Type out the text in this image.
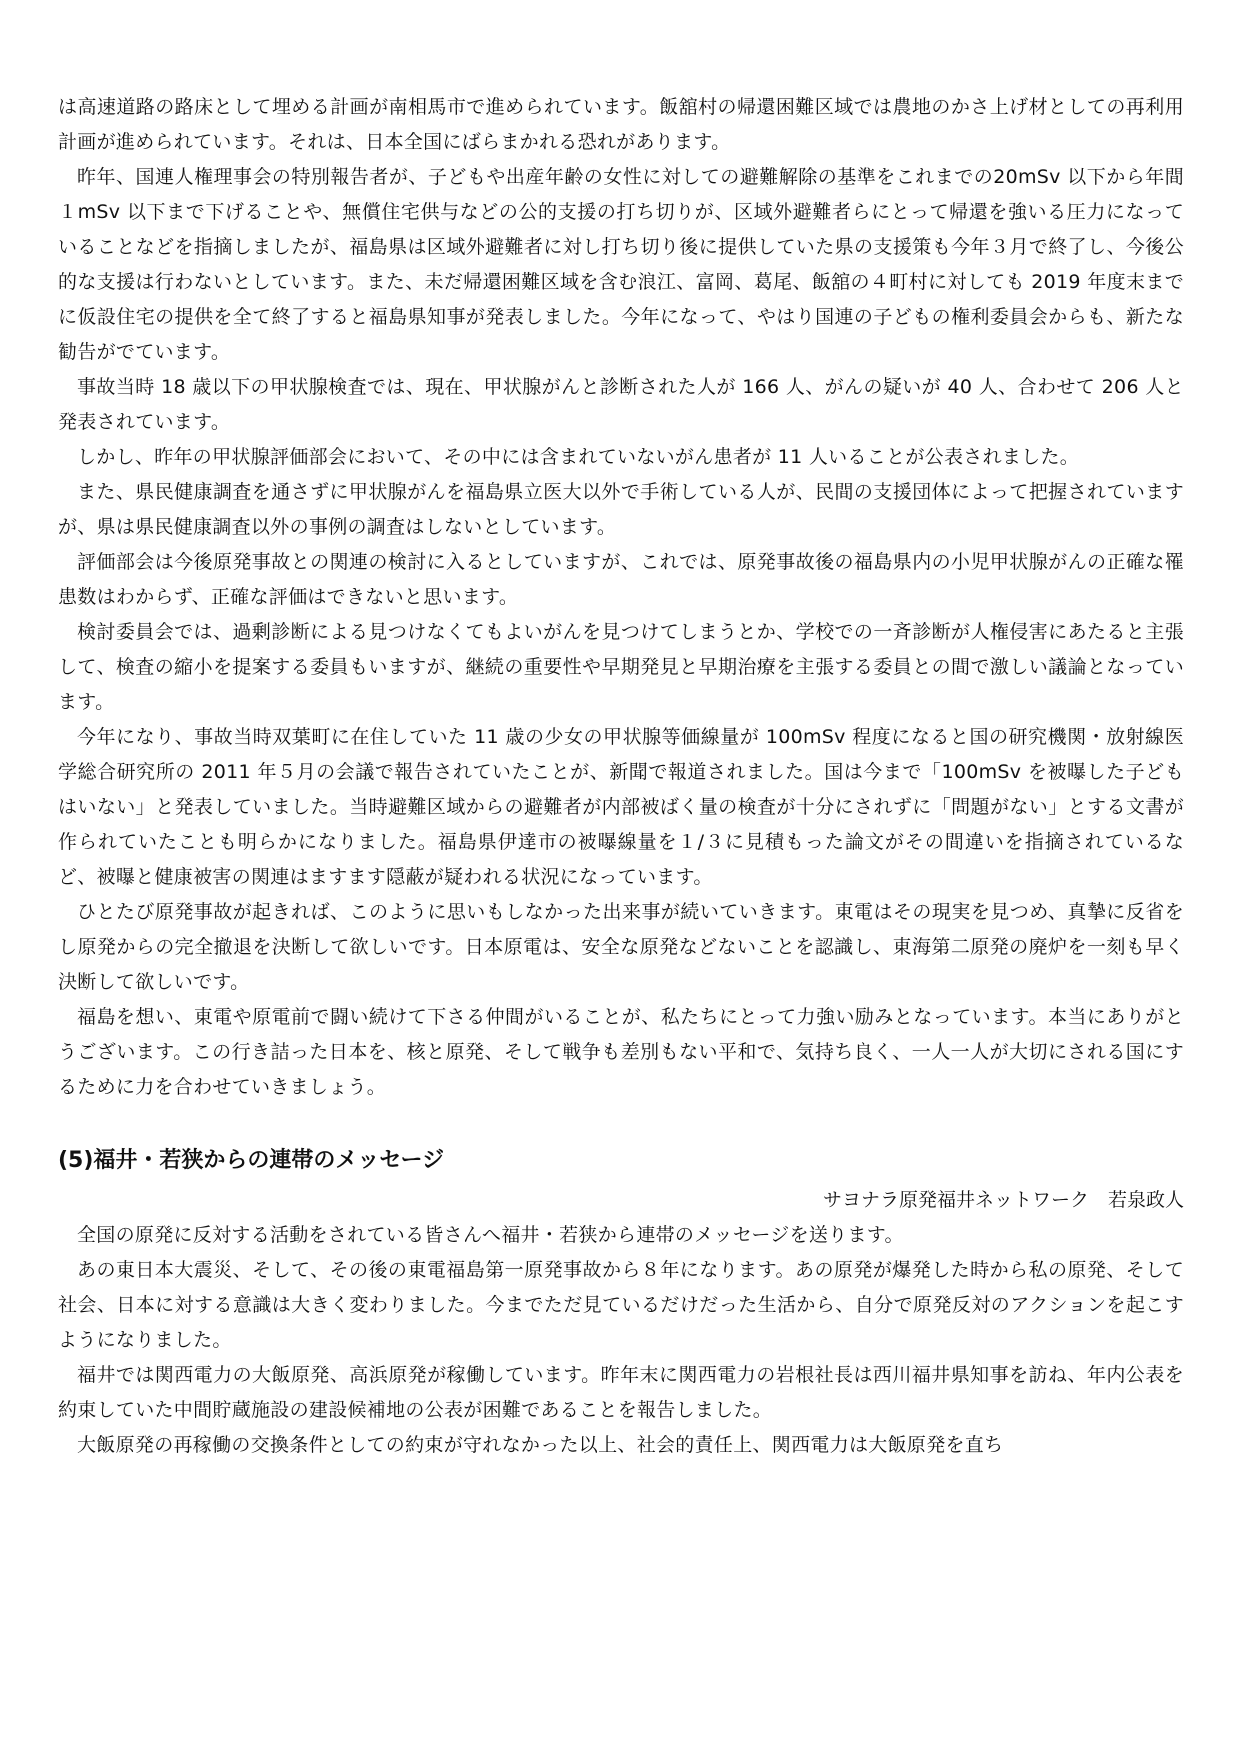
は高速道路の路床として埋める計画が南相馬市で進められています。飯舘村の帰還困難区域では農地のかさ上げ材としての再利用計画が進められています。それは、日本全国にばらまかれる恐れがあります。

昨年、国連人権理事会の特別報告者が、子どもや出産年齢の女性に対しての避難解除の基準をこれまでの20mSv 以下から年間１mSv 以下まで下げることや、無償住宅供与などの公的支援の打ち切りが、区域外避難者らにとって帰還を強いる圧力になっていることなどを指摘しましたが、福島県は区域外避難者に対し打ち切り後に提供していた県の支援策も今年３月で終了し、今後公的な支援は行わないとしています。また、未だ帰還困難区域を含む浪江、富岡、葛尾、飯舘の４町村に対しても 2019 年度末までに仮設住宅の提供を全て終了すると福島県知事が発表しました。今年になって、やはり国連の子どもの権利委員会からも、新たな勧告がでています。

事故当時 18 歳以下の甲状腺検査では、現在、甲状腺がんと診断された人が 166 人、がんの疑いが 40 人、合わせて 206 人と発表されています。

しかし、昨年の甲状腺評価部会において、その中には含まれていないがん患者が 11 人いることが公表されました。

また、県民健康調査を通さずに甲状腺がんを福島県立医大以外で手術している人が、民間の支援団体によって把握されていますが、県は県民健康調査以外の事例の調査はしないとしています。

評価部会は今後原発事故との関連の検討に入るとしていますが、これでは、原発事故後の福島県内の小児甲状腺がんの正確な罹患数はわからず、正確な評価はできないと思います。

検討委員会では、過剰診断による見つけなくてもよいがんを見つけてしまうとか、学校での一斉診断が人権侵害にあたると主張して、検査の縮小を提案する委員もいますが、継続の重要性や早期発見と早期治療を主張する委員との間で激しい議論となっています。

今年になり、事故当時双葉町に在住していた 11 歳の少女の甲状腺等価線量が 100mSv 程度になると国の研究機関・放射線医学総合研究所の 2011 年５月の会議で報告されていたことが、新聞で報道されました。国は今まで「100mSv を被曝した子どもはいない」と発表していました。当時避難区域からの避難者が内部被ばく量の検査が十分にされずに「問題がない」とする文書が作られていたことも明らかになりました。福島県伊達市の被曝線量を１/３に見積もった論文がその間違いを指摘されているなど、被曝と健康被害の関連はますます隠蔽が疑われる状況になっています。

ひとたび原発事故が起きれば、このように思いもしなかった出来事が続いていきます。東電はその現実を見つめ、真摯に反省をし原発からの完全撤退を決断して欲しいです。日本原電は、安全な原発などないことを認識し、東海第二原発の廃炉を一刻も早く決断して欲しいです。

福島を想い、東電や原電前で闘い続けて下さる仲間がいることが、私たちにとって力強い励みとなっています。本当にありがとうございます。この行き詰った日本を、核と原発、そして戦争も差別もない平和で、気持ち良く、一人一人が大切にされる国にするために力を合わせていきましょう。

(5)福井・若狭からの連帯のメッセージ

サヨナラ原発福井ネットワーク　若泉政人

全国の原発に反対する活動をされている皆さんへ福井・若狭から連帯のメッセージを送ります。

あの東日本大震災、そして、その後の東電福島第一原発事故から８年になります。あの原発が爆発した時から私の原発、そして社会、日本に対する意識は大きく変わりました。今までただ見ているだけだった生活から、自分で原発反対のアクションを起こすようになりました。

福井では関西電力の大飯原発、高浜原発が稼働しています。昨年末に関西電力の岩根社長は西川福井県知事を訪ね、年内公表を約束していた中間貯蔵施設の建設候補地の公表が困難であることを報告しました。

大飯原発の再稼働の交換条件としての約束が守れなかった以上、社会的責任上、関西電力は大飯原発を直ち
